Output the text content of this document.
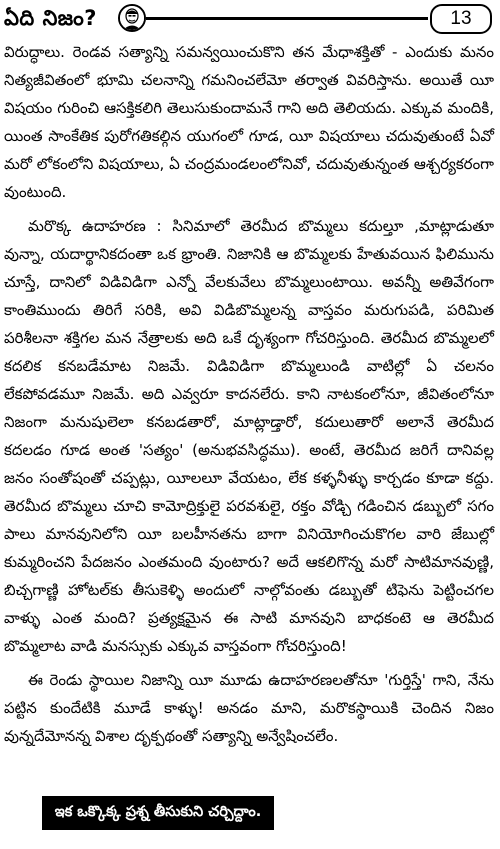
ఏది నిజం?	13

విరుద్ధాలు. రెండవ సత్యాన్ని సమన్వయించుకొని తన మేధాశక్తితో - ఎందుకు మనం నిత్యజీవితంలో భూమి చలనాన్ని గమనించలేమో తర్వాత వివరిస్తాను. అయితే యీ విషయం గురించి ఆసక్తికలిగి తెలుసుకుందామనే గాని అది తెలియదు. ఎక్కువ మందికి, యింత సాంకేతిక పురోగతికల్గిన యుగంలో గూడ, యీ విషయాలు చదువుతుంటే ఏవో మరో లోకంలోని విషయాలు, ఏ చంద్రమండలంలోనివో, చదువుతున్నంత ఆశ్చర్యకరంగా వుంటుంది.

మరొక్క ఉదాహరణ : సినిమాలో తెరమీద బొమ్మలు కదుల్తూ ,మాట్లాడుతూ వున్నా, యదార్థానికదంతా ఒక భ్రాంతి. నిజానికి ఆ బొమ్మలకు హేతువయిన ఫిలిమును చూస్తే, దానిలో విడివిడిగా ఎన్నో వేలకువేలు బొమ్మలుంటాయి. అవన్నీ అతివేగంగా కాంతిముందు తిరిగే సరికి, అవి విడిబొమ్మలన్న వాస్తవం మరుగుపడి, పరిమిత పరిశీలనా శక్తిగల మన నేత్రాలకు అది ఒకే దృశ్యంగా గోచరిస్తుంది. తెరమీద బొమ్మలలో కదలిక కనబడేమాట నిజమే. విడివిడిగా బొమ్మలుండి వాటిల్లో ఏ చలనం లేకపోవడమూ నిజమే. అది ఎవ్వరూ కాదనలేరు. కాని నాటకంలోనూ, జీవితంలోనూ నిజంగా మనుషులెలా కనబడతారో, మాట్లాడ్తారో, కదులుతారో అలానే తెరమీద కదలడం గూడ అంత 'సత్యం' (అనుభవసిద్ధము). అంటే, తెరమీద జరిగే దానివల్ల జనం సంతోషంతో చప్పట్లు, యీలలూ వేయటం, లేక కళ్ళనీళ్ళు కార్చడం కూడా కద్దు. తెరమీద బొమ్మలు చూచి కామోద్రిక్తులై పరవశులై, రక్తం వోడ్చి గడించిన డబ్బులో సగం పాలు మానవునిలోని యీ బలహీనతను బాగా వినియోగించుకొగల వారి జేబుల్లో కుమ్మరించని పేదజనం ఎంతమంది వుంటారు? అదే ఆకలిగొన్న మరో సాటిమానవుణ్ణి, బిచ్చగాణ్ణి హోటల్‌కు తీసుకెళ్ళి అందులో నాల్గోవంతు డబ్బుతో టిఫెను పెట్టించగల వాళ్ళు ఎంత మంది? ప్రత్యక్షమైన ఈ సాటి మానవుని బాధకంటె ఆ తెరమీద బొమ్మలాట వాడి మనస్సుకు ఎక్కువ వాస్తవంగా గోచరిస్తుంది!

ఈ రెండు స్థాయిల నిజాన్ని యీ మూడు ఉదాహరణలతోనూ 'గుర్తిస్తే' గాని, నేను పట్టిన కుందేటికి మూడే కాళ్ళు! అనడం మాని, మరొకస్థాయికి చెందిన నిజం వున్నదేమోనన్న విశాల దృక్పథంతో సత్యాన్ని అన్వేషించలేం.

ఇక ఒక్కొక్క ప్రశ్న తీసుకుని చర్చిద్దాం.
